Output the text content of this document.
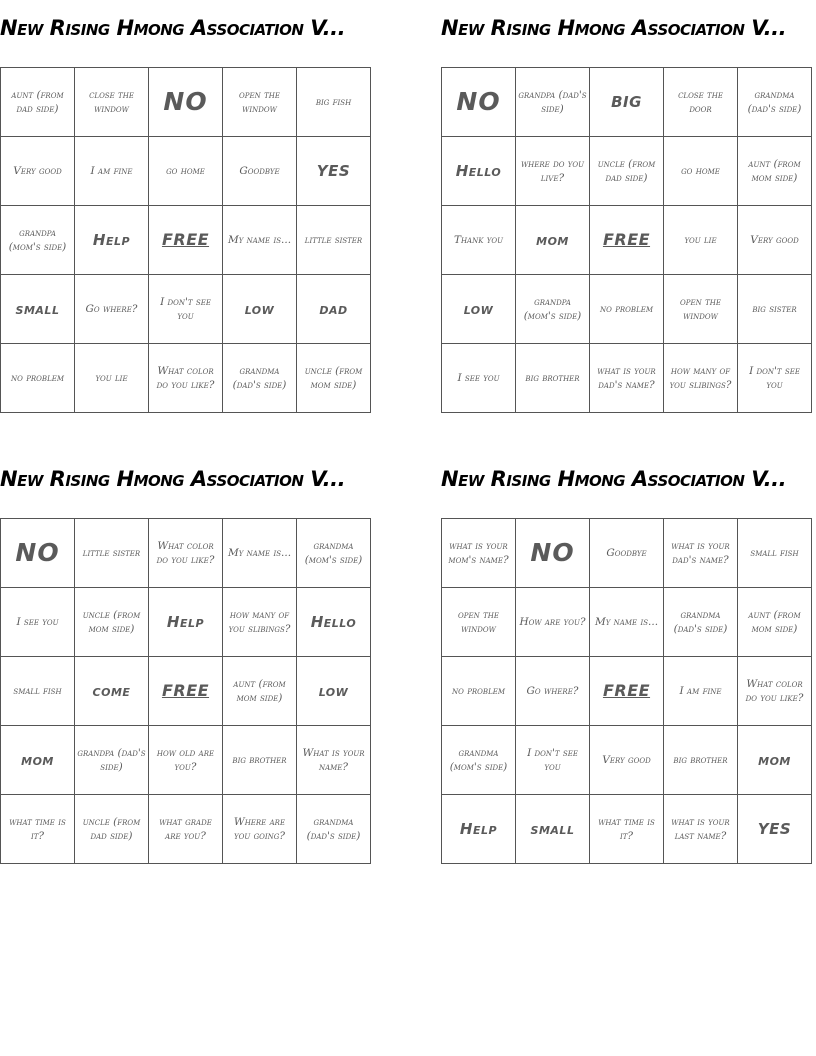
New Rising Hmong Association V...
aunt (from dad side)	close the window	NO	open the window	big fish
Very good	I am fine	go home	Goodbye	YES
grandpa (mom's side)	Help	FREE	My name is...	little sister
small	Go where?	I don't see you	low	dad
no problem	you lie	What color do you like?	grandma (dad's side)	uncle (from mom side)
New Rising Hmong Association V...
NO	grandpa (dad's side)	BIG	close the door	grandma (dad's side)
Hello	where do you live?	uncle (from dad side)	go home	aunt (from mom side)
Thank you	mom	FREE	you lie	Very good
low	grandpa (mom's side)	no problem	open the window	big sister
I see you	big brother	what is your dad's name?	how many of you slibings?	I don't see you
New Rising Hmong Association V...
NO	little sister	What color do you like?	My name is...	grandma (mom's side)
I see you	uncle (from mom side)	Help	how many of you slibings?	Hello
small fish	come	FREE	aunt (from mom side)	low
mom	grandpa (dad's side)	how old are you?	big brother	What is your name?
what time is it?	uncle (from dad side)	what grade are you?	Where are you going?	grandma (dad's side)
New Rising Hmong Association V...
what is your mom's name?	NO	Goodbye	what is your dad's name?	small fish
open the window	How are you?	My name is...	grandma (dad's side)	aunt (from mom side)
no problem	Go where?	FREE	I am fine	What color do you like?
grandma (mom's side)	I don't see you	Very good	big brother	mom
Help	small	what time is it?	what is your last name?	YES
